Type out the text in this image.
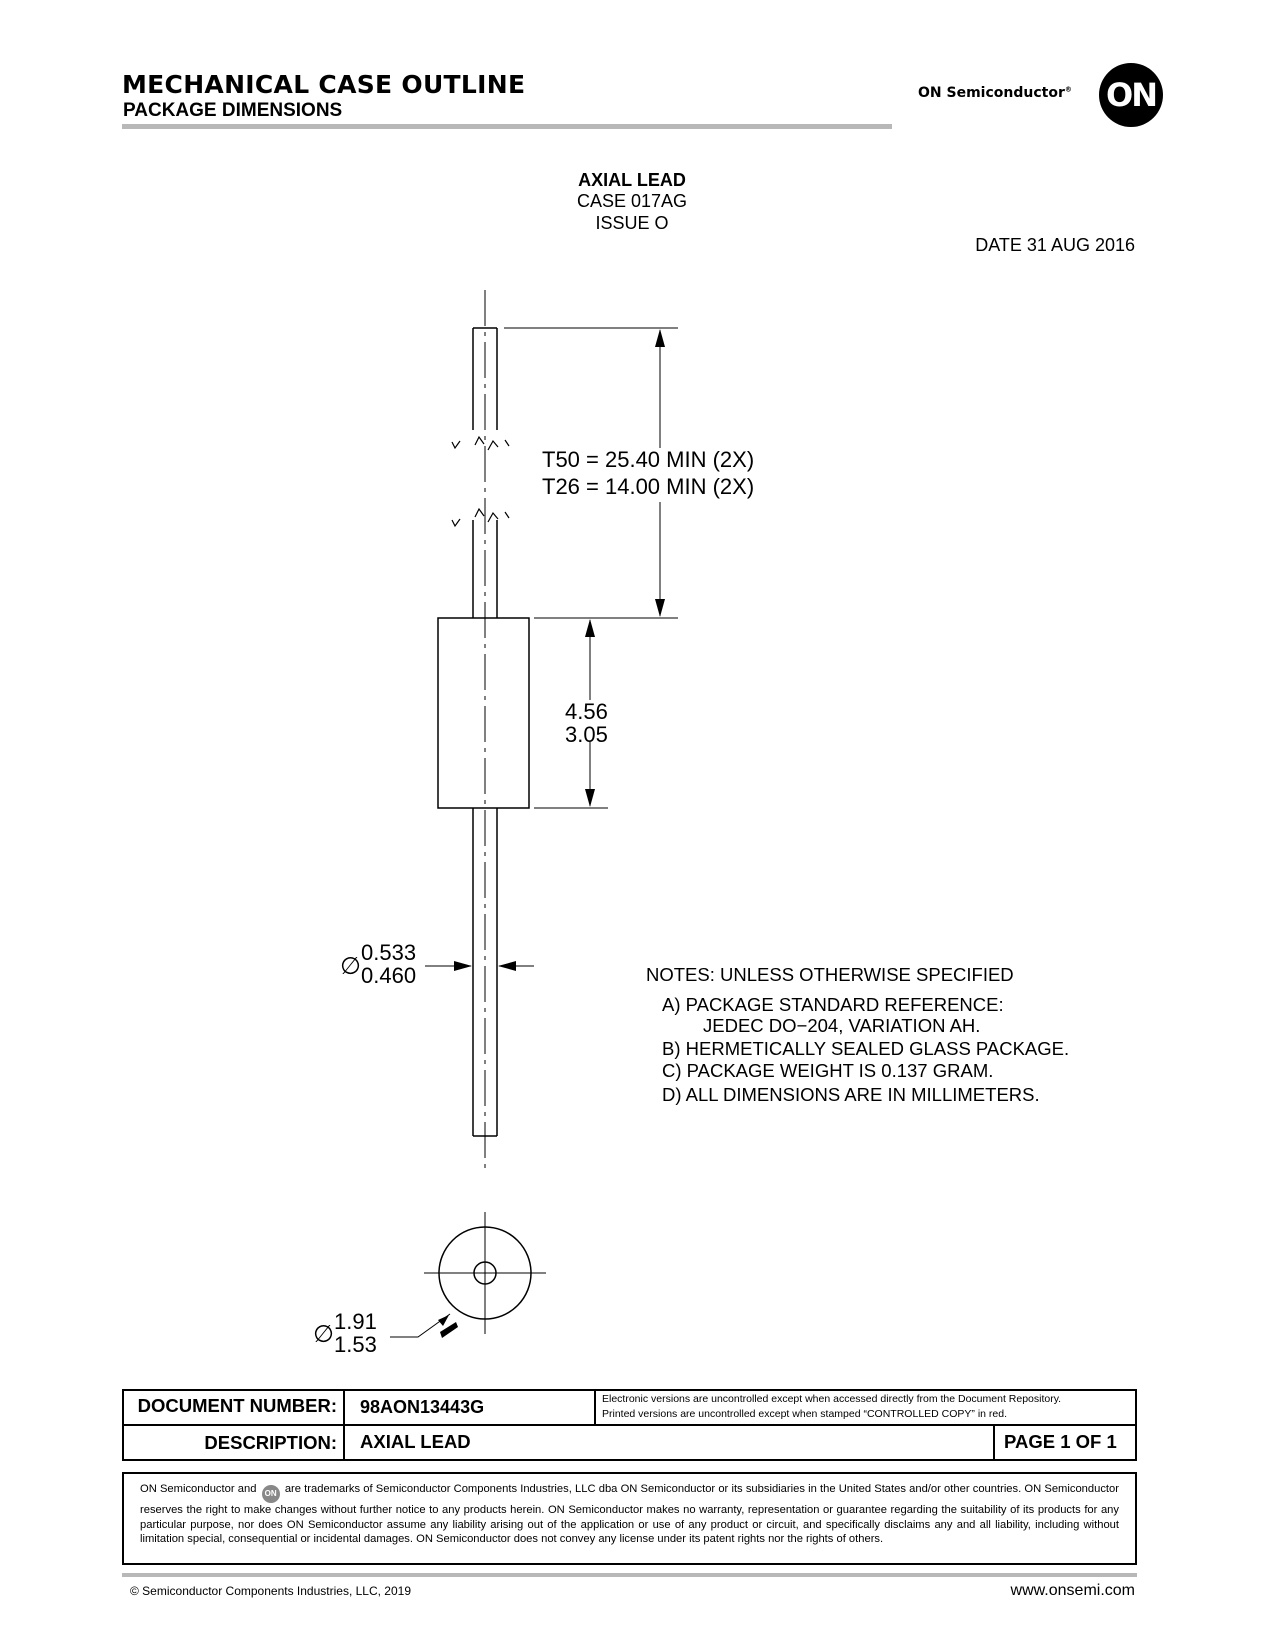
MECHANICAL CASE OUTLINE
PACKAGE DIMENSIONS
ON Semiconductor® ON
AXIAL LEAD
CASE 017AG
ISSUE O
DATE 31 AUG 2016
T50 = 25.40 MIN (2X)
T26 = 14.00 MIN (2X)
4.56
3.05
∅
0.533
0.460
∅ 1.91
1.53
NOTES: UNLESS OTHERWISE SPECIFIED
A) PACKAGE STANDARD REFERENCE:
JEDEC DO−204, VARIATION AH.
B) HERMETICALLY SEALED GLASS PACKAGE.
C) PACKAGE WEIGHT IS 0.137 GRAM.
D) ALL DIMENSIONS ARE IN MILLIMETERS.
DOCUMENT NUMBER: 98AON13443G	Electronic versions are uncontrolled except when accessed directly from the Document Repository.
Printed versions are uncontrolled except when stamped “CONTROLLED COPY” in red.
DESCRIPTION: AXIAL LEAD	PAGE 1 OF 1
ON Semiconductor and ON are trademarks of Semiconductor Components Industries, LLC dba ON Semiconductor or its subsidiaries in the United States and/or other countries. ON Semiconductor reserves the right to make changes without further notice to any products herein. ON Semiconductor makes no warranty, representation or guarantee regarding the suitability of its products for any particular purpose, nor does ON Semiconductor assume any liability arising out of the application or use of any product or circuit, and specifically disclaims any and all liability, including without limitation special, consequential or incidental damages. ON Semiconductor does not convey any license under its patent rights nor the rights of others.
© Semiconductor Components Industries, LLC, 2019	www.onsemi.com
